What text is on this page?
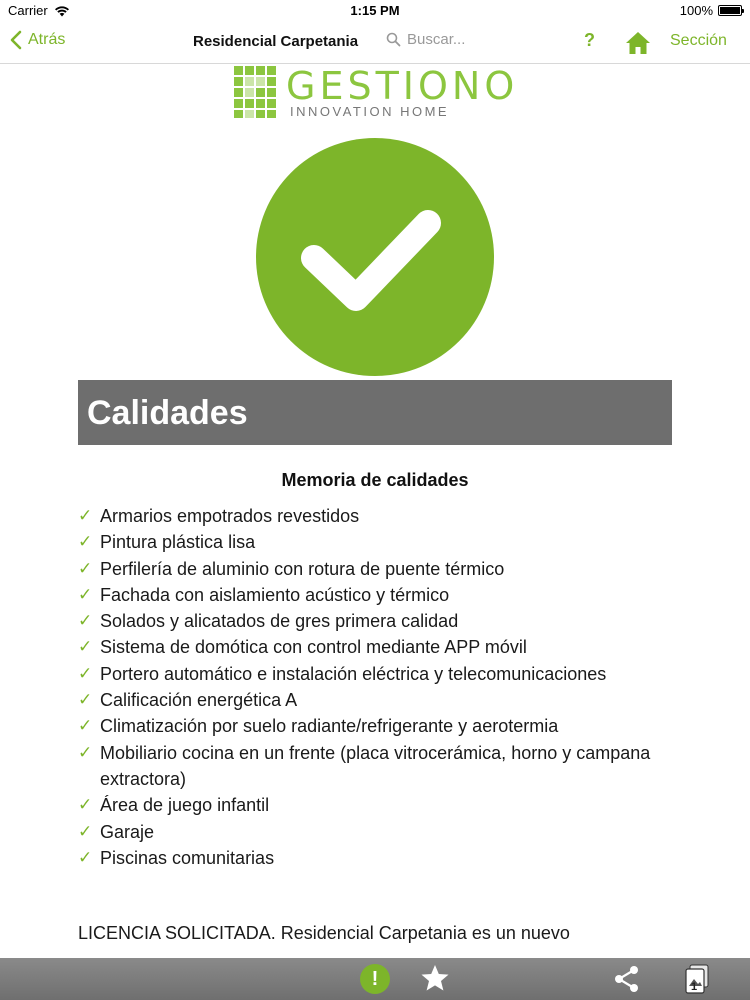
Carrier	1:15 PM	100%
Atrás	Residencial Carpetania	Buscar...	?	Sección
GESTIONO
INNOVATION HOME
Calidades
Memoria de calidades
✓ Armarios empotrados revestidos
✓ Pintura plástica lisa
✓ Perfilería de aluminio con rotura de puente térmico
✓ Fachada con aislamiento acústico y térmico
✓ Solados y alicatados de gres primera calidad
✓ Sistema de domótica con control mediante APP móvil
✓ Portero automático e instalación eléctrica y telecomunicaciones
✓ Calificación energética A
✓ Climatización por suelo radiante/refrigerante y aerotermia
✓ Mobiliario cocina en un frente (placa vitrocerámica, horno y campana extractora)
✓ Área de juego infantil
✓ Garaje
✓ Piscinas comunitarias
LICENCIA SOLICITADA. Residencial Carpetania es un nuevo
!	1
